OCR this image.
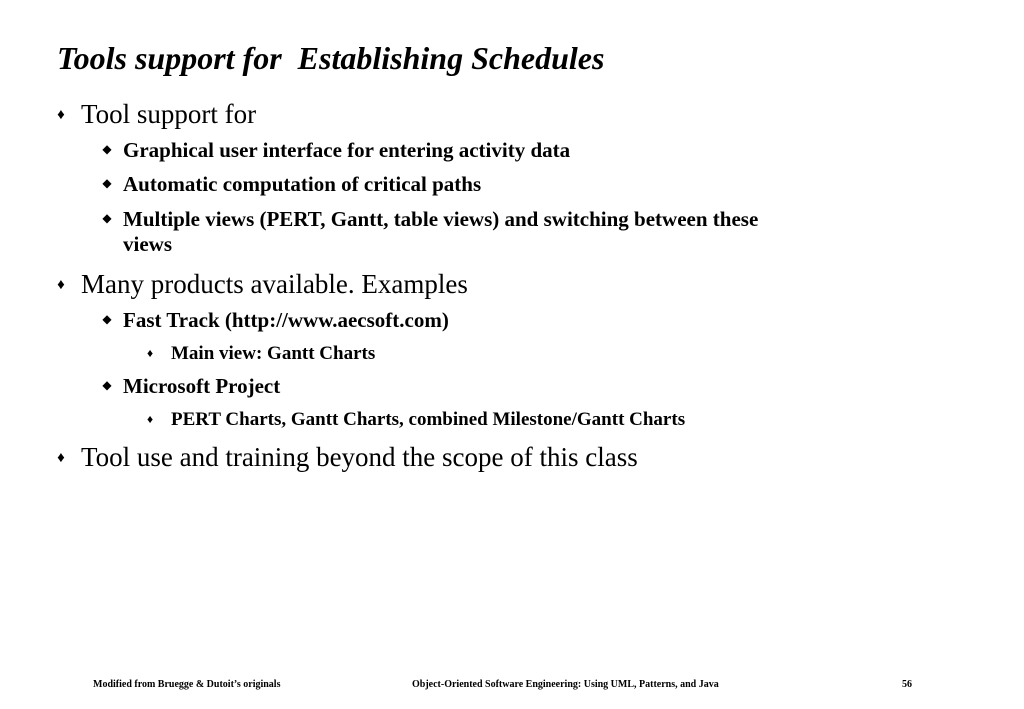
Tools support for  Establishing Schedules
♦ Tool support for
◆ Graphical user interface for entering activity data
◆ Automatic computation of critical paths
◆ Multiple views (PERT, Gantt, table views) and switching between these
views
♦ Many products available. Examples
◆ Fast Track (http://www.aecsoft.com)
♦ Main view: Gantt Charts
◆ Microsoft Project
♦ PERT Charts, Gantt Charts, combined Milestone/Gantt Charts
♦ Tool use and training beyond the scope of this class
Modified from Bruegge & Dutoit’s originals	Object-Oriented Software Engineering: Using UML, Patterns, and Java	56
